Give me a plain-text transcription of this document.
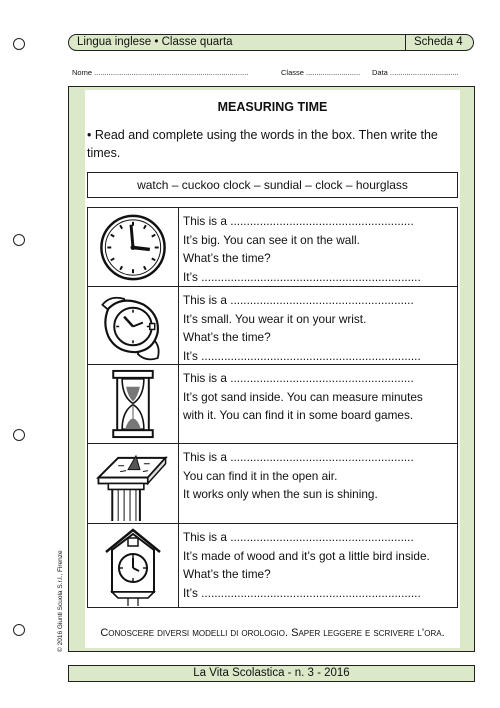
Lingua inglese • Classe quarta	Scheda 4
Nome ..........................................................................	Classe .......................... Data .................................
MEASURING TIME
• Read and complete using the words in the box. Then write the times.
watch – cuckoo clock – sundial – clock – hourglass
This is a ........................................................
It’s big. You can see it on the wall.
What’s the time?
It’s ...................................................................
This is a ........................................................
It’s small. You wear it on your wrist.
What’s the time?
It’s ...................................................................
This is a ........................................................
It’s got sand inside. You can measure minutes
with it. You can find it in some board games.
This is a ........................................................
You can find it in the open air.
It works only when the sun is shining.
This is a ........................................................
It’s made of wood and it’s got a little bird inside.
What’s the time?
It’s ...................................................................
Conoscere diversi modelli di orologio. Saper leggere e scrivere l’ora.
© 2016 Giunti Scuola S.r.l., Firenze
La Vita Scolastica - n. 3 - 2016
